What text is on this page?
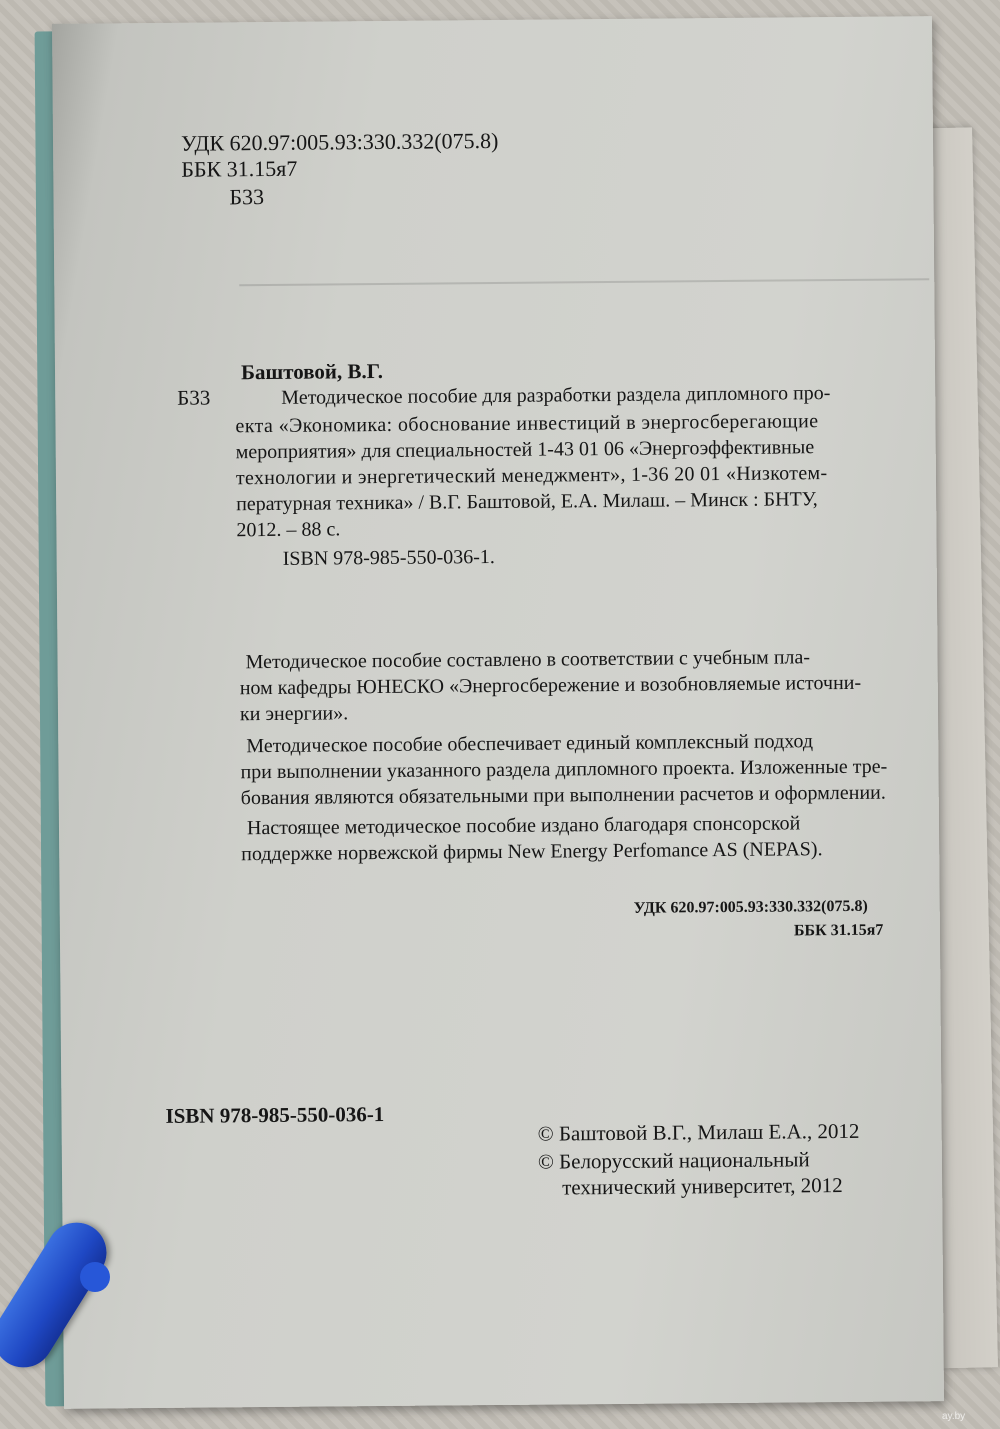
УДК 620.97:005.93:330.332(075.8)
ББК 31.15я7
Б33
Баштовой, В.Г.
Б33	Методическое пособие для разработки раздела дипломного про-
екта «Экономика: обоснование инвестиций в энергосберегающие
мероприятия» для специальностей 1-43 01 06 «Энергоэффективные
технологии и энергетический менеджмент», 1-36 20 01 «Низкотем-
пературная техника» / В.Г. Баштовой, Е.А. Милаш. – Минск : БНТУ,
2012. – 88 с.
ISBN 978-985-550-036-1.
Методическое пособие составлено в соответствии с учебным пла-
ном кафедры ЮНЕСКО «Энергосбережение и возобновляемые источни-
ки энергии».
Методическое пособие обеспечивает единый комплексный подход
при выполнении указанного раздела дипломного проекта. Изложенные тре-
бования являются обязательными при выполнении расчетов и оформлении.
Настоящее методическое пособие издано благодаря спонсорской
поддержке норвежской фирмы New Energy Perfomance AS (NEPAS).
УДК 620.97:005.93:330.332(075.8)
ББК 31.15я7
ISBN 978-985-550-036-1
© Баштовой В.Г., Милаш Е.А., 2012
© Белорусский национальный
технический университет, 2012
ay.by
